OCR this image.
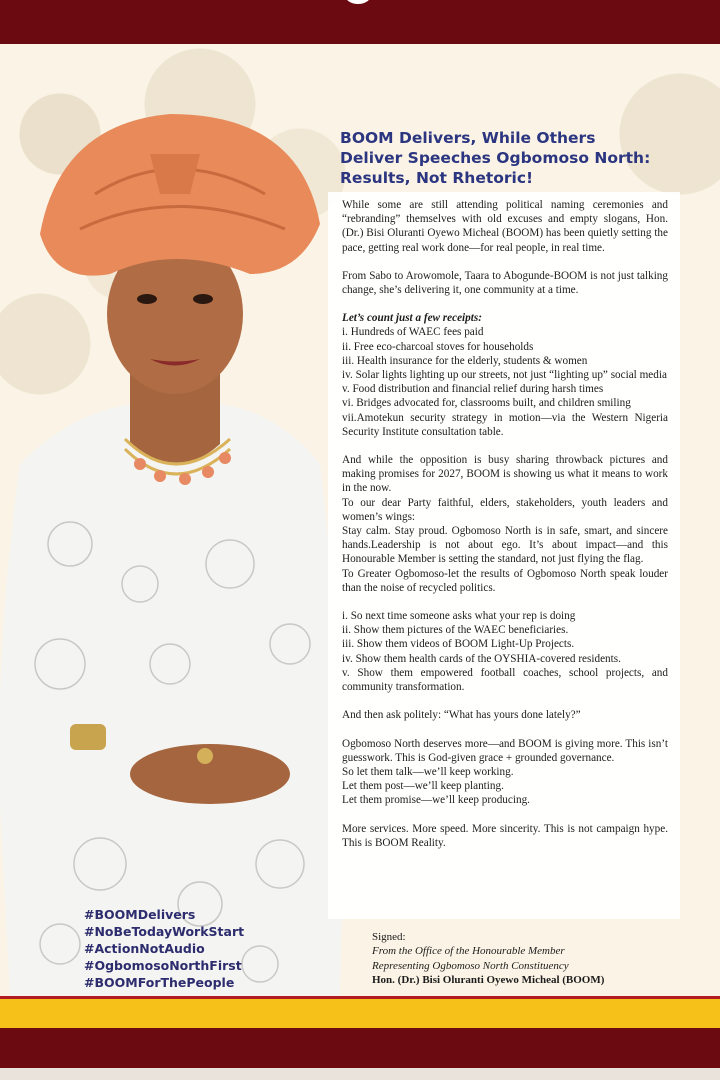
BOOM Delivers, While Others
Deliver Speeches Ogbomoso North:
Results, Not Rhetoric!

While some are still attending political naming ceremonies and “rebranding” themselves with old excuses and empty slogans, Hon. (Dr.) Bisi Oluranti Oyewo Micheal (BOOM) has been quietly setting the pace, getting real work done—for real people, in real time.

From Sabo to Arowomole, Taara to Abogunde-BOOM is not just talking change, she’s delivering it, one community at a time.

Let’s count just a few receipts:

i. Hundreds of WAEC fees paid

ii. Free eco-charcoal stoves for households

iii. Health insurance for the elderly, students & women

iv. Solar lights lighting up our streets, not just “lighting up” social media

v. Food distribution and financial relief during harsh times

vi. Bridges advocated for, classrooms built, and children smiling

vii.Amotekun security strategy in motion—via the Western Nigeria Security Institute consultation table.

And while the opposition is busy sharing throwback pictures and making promises for 2027, BOOM is showing us what it means to work in the now.

To our dear Party faithful, elders, stakeholders, youth leaders and women’s wings:

Stay calm. Stay proud. Ogbomoso North is in safe, smart, and sincere hands.Leadership is not about ego. It’s about impact—and this Honourable Member is setting the standard, not just flying the flag.

To Greater Ogbomoso-let the results of Ogbomoso North speak louder than the noise of recycled politics.

i. So next time someone asks what your rep is doing

ii. Show them pictures of the WAEC beneficiaries.

iii. Show them videos of BOOM Light-Up Projects.

iv. Show them health cards of the OYSHIA-covered residents.

v. Show them empowered football coaches, school projects, and community transformation.

And then ask politely: “What has yours done lately?”

Ogbomoso North deserves more—and BOOM is giving more. This isn’t guesswork. This is God-given grace + grounded governance.

So let them talk—we’ll keep working.

Let them post—we’ll keep planting.

Let them promise—we’ll keep producing.

More services. More speed. More sincerity. This is not campaign hype. This is BOOM Reality.

#BOOMDelivers
#NoBeTodayWorkStart
#ActionNotAudio
#OgbomosoNorthFirst
#BOOMForThePeople
Signed:
From the Office of the Honourable Member
Representing Ogbomoso North Constituency
Hon. (Dr.) Bisi Oluranti Oyewo Micheal (BOOM)
